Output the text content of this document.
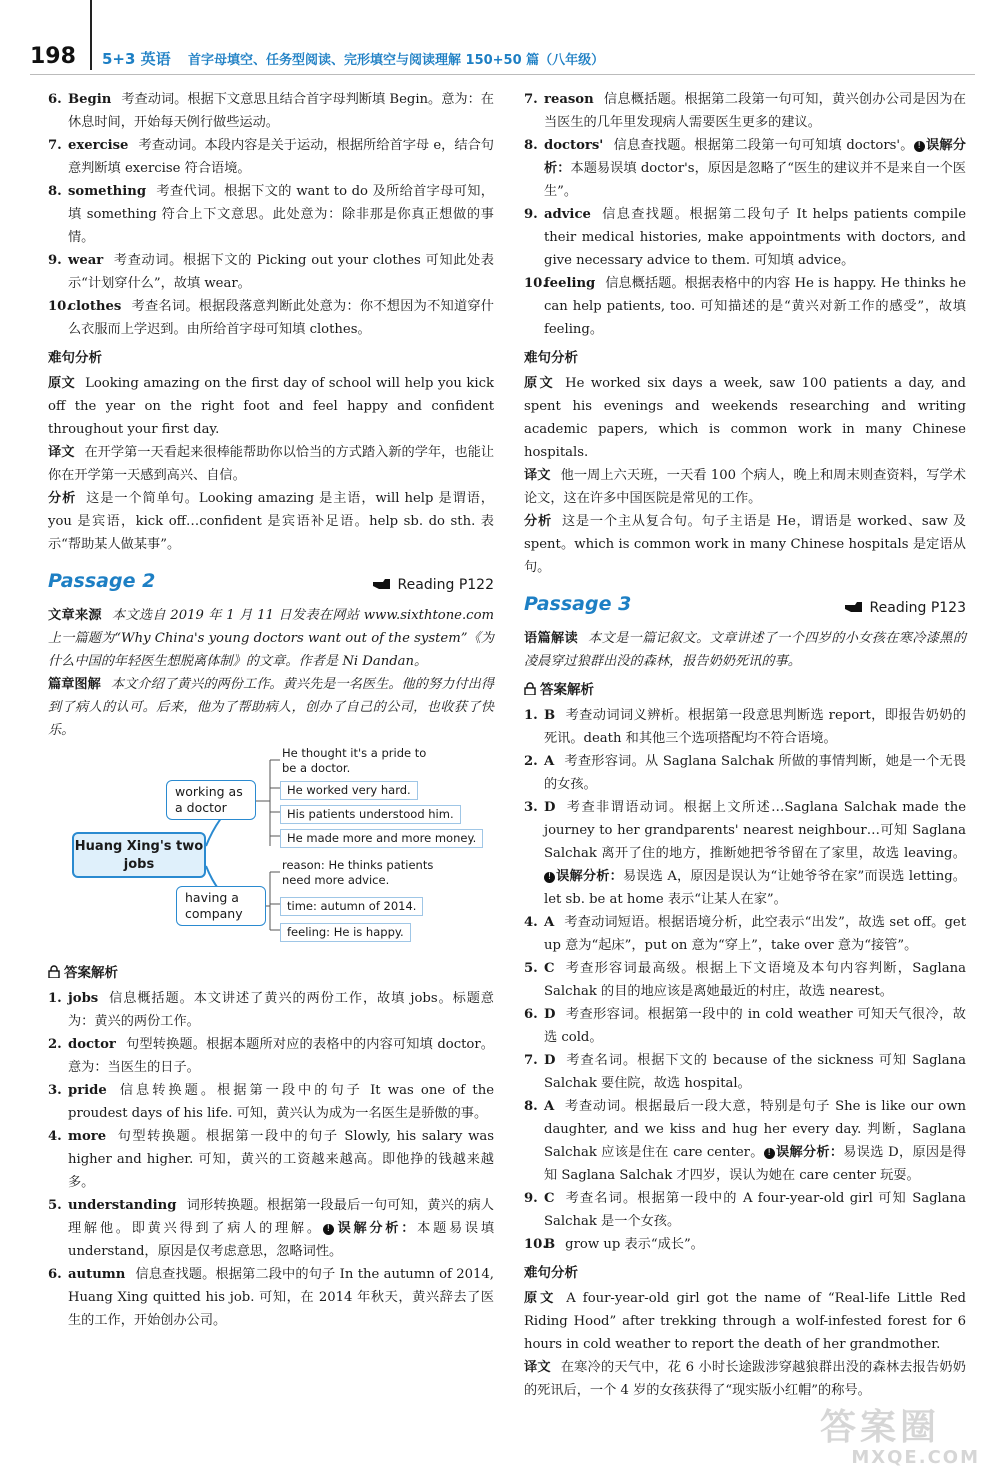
198 5+3 英语 首字母填空、任务型阅读、完形填空与阅读理解 150+50 篇（八年级）

6. Begin 考查动词。根据下文意思且结合首字母判断填 Begin。意为：在休息时间，开始每天例行做些运动。

7. exercise 考查动词。本段内容是关于运动，根据所给首字母 e，结合句意判断填 exercise 符合语境。

8. something 考查代词。根据下文的 want to do 及所给首字母可知，填 something 符合上下文意思。此处意为：除非那是你真正想做的事情。

9. wear 考查动词。根据下文的 Picking out your clothes 可知此处表示“计划穿什么”，故填 wear。

10.
clothes 考查名词。根据段落意判断此处意为：你不想因为不知道穿什么衣服而上学迟到。由所给首字母可知填 clothes。

难句分析

原文 Looking amazing on the first day of school will help you kick off the year on the right foot and feel happy and confident throughout your first day.

译文 在开学第一天看起来很棒能帮助你以恰当的方式踏入新的学年，也能让你在开学第一天感到高兴、自信。

分析 这是一个简单句。Looking amazing 是主语，will help 是谓语，you 是宾语，kick off…confident 是宾语补足语。help sb. do sth. 表示“帮助某人做某事”。

Passage 2	Reading P122

文章来源 本文选自 2019 年 1 月 11 日发表在网站 www.sixthtone.com 上一篇题为“Why China's young doctors want out of the system”《为什么中国的年轻医生想脱离体制》的文章。作者是 Ni Dandan。

篇章图解 本文介绍了黄兴的两份工作。黄兴先是一名医生。他的努力付出得到了病人的认可。后来，他为了帮助病人，创办了自己的公司，也收获了快乐。

Huang Xing's two jobs
working as a doctor
having a company
He thought it's a pride to be a doctor.
He worked very hard.
His patients understood him.
He made more and more money.
reason: He thinks patients need more advice.
time: autumn of 2014.
feeling: He is happy.
答案解析

1. jobs 信息概括题。本文讲述了黄兴的两份工作，故填 jobs。标题意为：黄兴的两份工作。

2. doctor 句型转换题。根据本题所对应的表格中的内容可知填 doctor。意为：当医生的日子。

3. pride 信息转换题。根据第一段中的句子 It was one of the proudest days of his life. 可知，黄兴认为成为一名医生是骄傲的事。

4. more 句型转换题。根据第一段中的句子 Slowly, his salary was higher and higher. 可知，黄兴的工资越来越高。即他挣的钱越来越多。

5. understanding 词形转换题。根据第一段最后一句可知，黄兴的病人理解他。即黄兴得到了病人的理解。 ! 误解分析：本题易误填 understand，原因是仅考虑意思，忽略词性。

6. autumn 信息查找题。根据第二段中的句子 In the autumn of 2014, Huang Xing quitted his job. 可知，在 2014 年秋天，黄兴辞去了医生的工作，开始创办公司。

7. reason 信息概括题。根据第二段第一句可知，黄兴创办公司是因为在当医生的几年里发现病人需要医生更多的建议。

8. doctors' 信息查找题。根据第二段第一句可知填 doctors'。 ! 误解分析：本题易误填 doctor's，原因是忽略了“医生的建议并不是来自一个医生”。

9. advice 信息查找题。根据第二段句子 It helps patients compile their medical histories, make appointments with doctors, and give necessary advice to them. 可知填 advice。

10.
feeling 信息概括题。根据表格中的内容 He is happy. He thinks he can help patients, too. 可知描述的是“黄兴对新工作的感受”，故填 feeling。

难句分析

原文 He worked six days a week, saw 100 patients a day, and spent his evenings and weekends researching and writing academic papers, which is common work in many Chinese hospitals.

译文 他一周上六天班，一天看 100 个病人，晚上和周末则查资料，写学术论文，这在许多中国医院是常见的工作。

分析 这是一个主从复合句。句子主语是 He，谓语是 worked、saw 及 spent。which is common work in many Chinese hospitals 是定语从句。

Passage 3	Reading P123

语篇解读 本文是一篇记叙文。文章讲述了一个四岁的小女孩在寒冷漆黑的凌晨穿过狼群出没的森林，报告奶奶死讯的事。

答案解析

1. B 考查动词词义辨析。根据第一段意思判断选 report，即报告奶奶的死讯。death 和其他三个选项搭配均不符合语境。

2. A 考查形容词。从 Saglana Salchak 所做的事情判断，她是一个无畏的女孩。

3. D 考查非谓语动词。根据上文所述…Saglana Salchak made the journey to her grandparents' nearest neighbour…可知 Saglana Salchak 离开了住的地方，推断她把爷爷留在了家里，故选 leaving。! 误解分析：易误选 A，原因是误认为“让她爷爷在家”而误选 letting。let sb. be at home 表示“让某人在家”。

4. A 考查动词短语。根据语境分析，此空表示“出发”，故选 set off。get up 意为“起床”，put on 意为“穿上”，take over 意为“接管”。

5. C 考查形容词最高级。根据上下文语境及本句内容判断，Saglana Salchak 的目的地应该是离她最近的村庄，故选 nearest。

6. D 考查形容词。根据第一段中的 in cold weather 可知天气很冷，故选 cold。

7. D 考查名词。根据下文的 because of the sickness 可知 Saglana Salchak 要住院，故选 hospital。

8. A 考查动词。根据最后一段大意，特别是句子 She is like our own daughter, and we kiss and hug her every day. 判断，Saglana Salchak 应该是住在 care center。 ! 误解分析：易误选 D，原因是得知 Saglana Salchak 才四岁，误认为她在 care center 玩耍。

9. C 考查名词。根据第一段中的 A four-year-old girl 可知 Saglana Salchak 是一个女孩。

10.
B grow up 表示“成长”。

难句分析

原文 A four-year-old girl got the name of “Real-life Little Red Riding Hood” after trekking through a wolf-infested forest for 6 hours in cold weather to report the death of her grandmother.

译文 在寒冷的天气中，花 6 小时长途跋涉穿越狼群出没的森林去报告奶奶的死讯后，一个 4 岁的女孩获得了“现实版小红帽”的称号。

答案圈
MXQE.COM
